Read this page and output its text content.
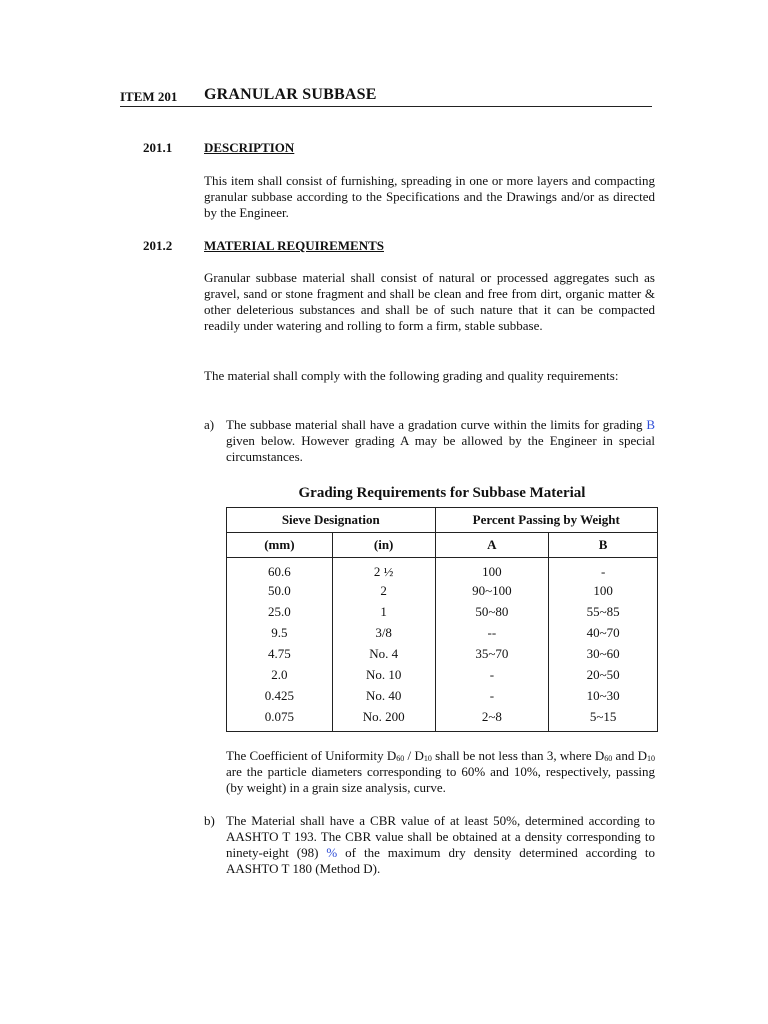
ITEM 201 GRANULAR SUBBASE
201.1 DESCRIPTION
This item shall consist of furnishing, spreading in one or more layers and compacting granular subbase according to the Specifications and the Drawings and/or as directed by the Engineer.
201.2 MATERIAL REQUIREMENTS
Granular subbase material shall consist of natural or processed aggregates such as gravel, sand or stone fragment and shall be clean and free from dirt, organic matter & other deleterious substances and shall be of such nature that it can be compacted readily under watering and rolling to form a firm, stable subbase.
The material shall comply with the following grading and quality requirements:
a) The subbase material shall have a gradation curve within the limits for grading B given below. However grading A may be allowed by the Engineer in special circumstances.
Grading Requirements for Subbase Material
Sieve Designation		Percent Passing by Weight	
(mm)	(in)	A	B
60.6	2 ½	100	-
50.0	2	90~100	100
25.0	1	50~80	55~85
9.5	3/8	--	40~70
4.75	No. 4	35~70	30~60
2.0	No. 10	-	20~50
0.425	No. 40	-	10~30
0.075	No. 200	2~8	5~15
The Coefficient of Uniformity $D_{60} / D_{10}$ shall be not less than 3, where $D_{60}$ and $D_{10}$ are the particle diameters corresponding to 60% and 10%, respectively, passing (by weight) in a grain size analysis, curve.
b) The Material shall have a CBR value of at least 50%, determined according to AASHTO T 193. The CBR value shall be obtained at a density corresponding to ninety-eight (98) % of the maximum dry density determined according to AASHTO T 180 (Method D).
